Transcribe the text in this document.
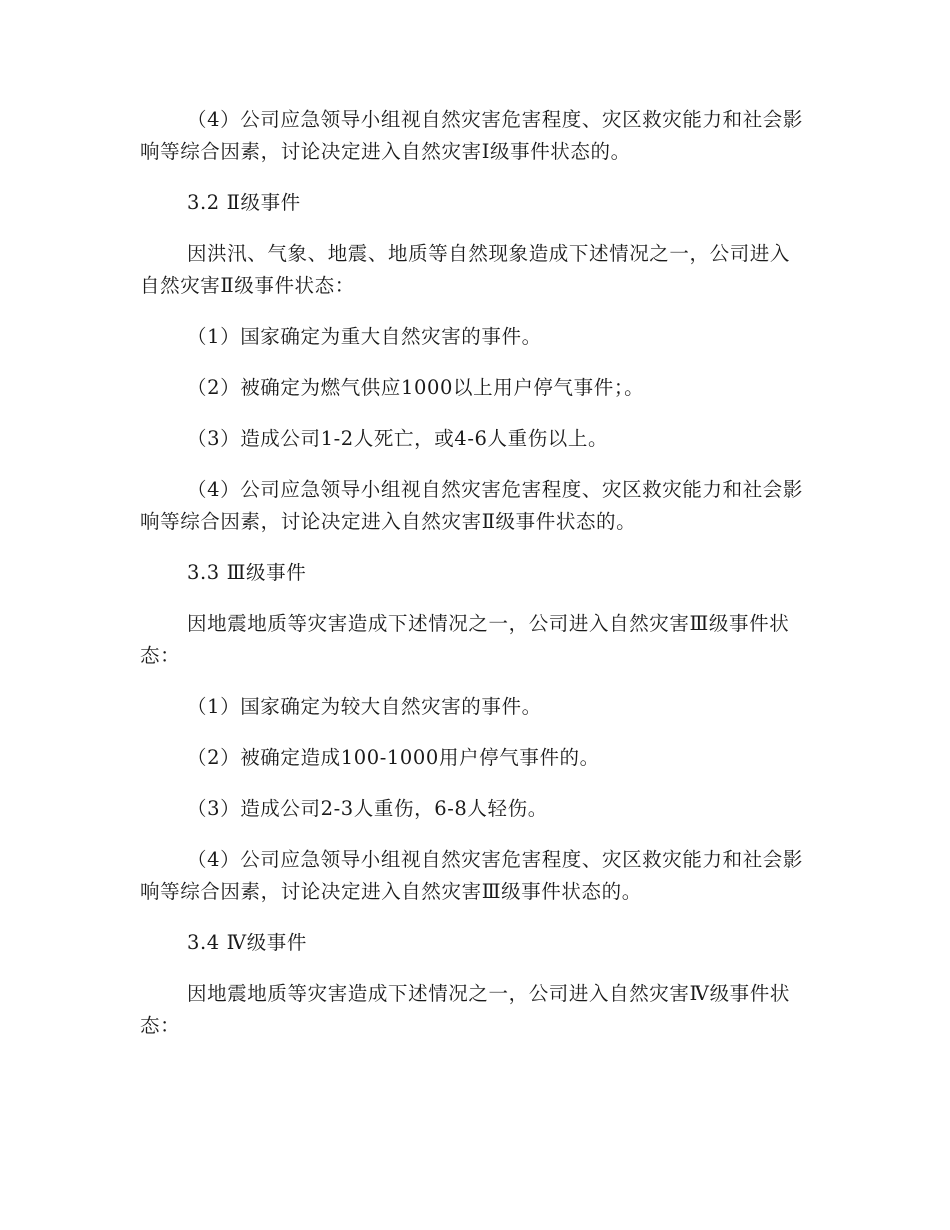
（4）公司应急领导小组视自然灾害危害程度、灾区救灾能力和社会影响等综合因素，讨论决定进入自然灾害Ⅰ级事件状态的。

3.2 Ⅱ级事件

因洪汛、气象、地震、地质等自然现象造成下述情况之一，公司进入自然灾害Ⅱ级事件状态：

（1）国家确定为重大自然灾害的事件。

（2）被确定为燃气供应1000以上用户停气事件；。

（3）造成公司1-2人死亡，或4-6人重伤以上。

（4）公司应急领导小组视自然灾害危害程度、灾区救灾能力和社会影响等综合因素，讨论决定进入自然灾害Ⅱ级事件状态的。

3.3 Ⅲ级事件

因地震地质等灾害造成下述情况之一，公司进入自然灾害Ⅲ级事件状态：

（1）国家确定为较大自然灾害的事件。

（2）被确定造成100-1000用户停气事件的。

（3）造成公司2-3人重伤，6-8人轻伤。

（4）公司应急领导小组视自然灾害危害程度、灾区救灾能力和社会影响等综合因素，讨论决定进入自然灾害Ⅲ级事件状态的。

3.4 Ⅳ级事件

因地震地质等灾害造成下述情况之一，公司进入自然灾害Ⅳ级事件状态：
